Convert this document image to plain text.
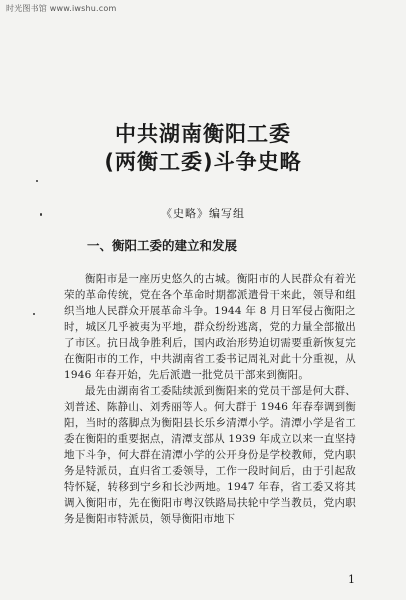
时光图书馆 www.iwshu.com
中共湖南衡阳工委
(两衡工委)斗争史略
《史略》编写组
一、衡阳工委的建立和发展

衡阳市是一座历史悠久的古城。衡阳市的人民群众有着光荣的革命传统，党在各个革命时期都派遣骨干来此，领导和组织当地人民群众开展革命斗争。1944 年 8 月日军侵占衡阳之时，城区几乎被夷为平地，群众纷纷逃离，党的力量全部撤出了市区。抗日战争胜利后，国内政治形势迫切需要重新恢复完在衡阳市的工作，中共湖南省工委书记周礼对此十分重视，从 1946 年春开始，先后派遣一批党员干部来到衡阳。

最先由湖南省工委陆续派到衡阳来的党员干部是何大群、刘普述、陈静山、刘秀丽等人。何大群于 1946 年春奉调到衡阳，当时的落脚点为衡阳县长乐乡清潭小学。清潭小学是省工委在衡阳的重要据点，清潭支部从 1939 年成立以来一直坚持地下斗争，何大群在清潭小学的公开身份是学校教师，党内职务是特派员，直归省工委领导，工作一段时间后，由于引起敌特怀疑，转移到宁乡和长沙两地。1947 年春，省工委又将其调入衡阳市，先在衡阳市粤汉铁路局扶轮中学当教员，党内职务是衡阳市特派员，领导衡阳市地下

1
